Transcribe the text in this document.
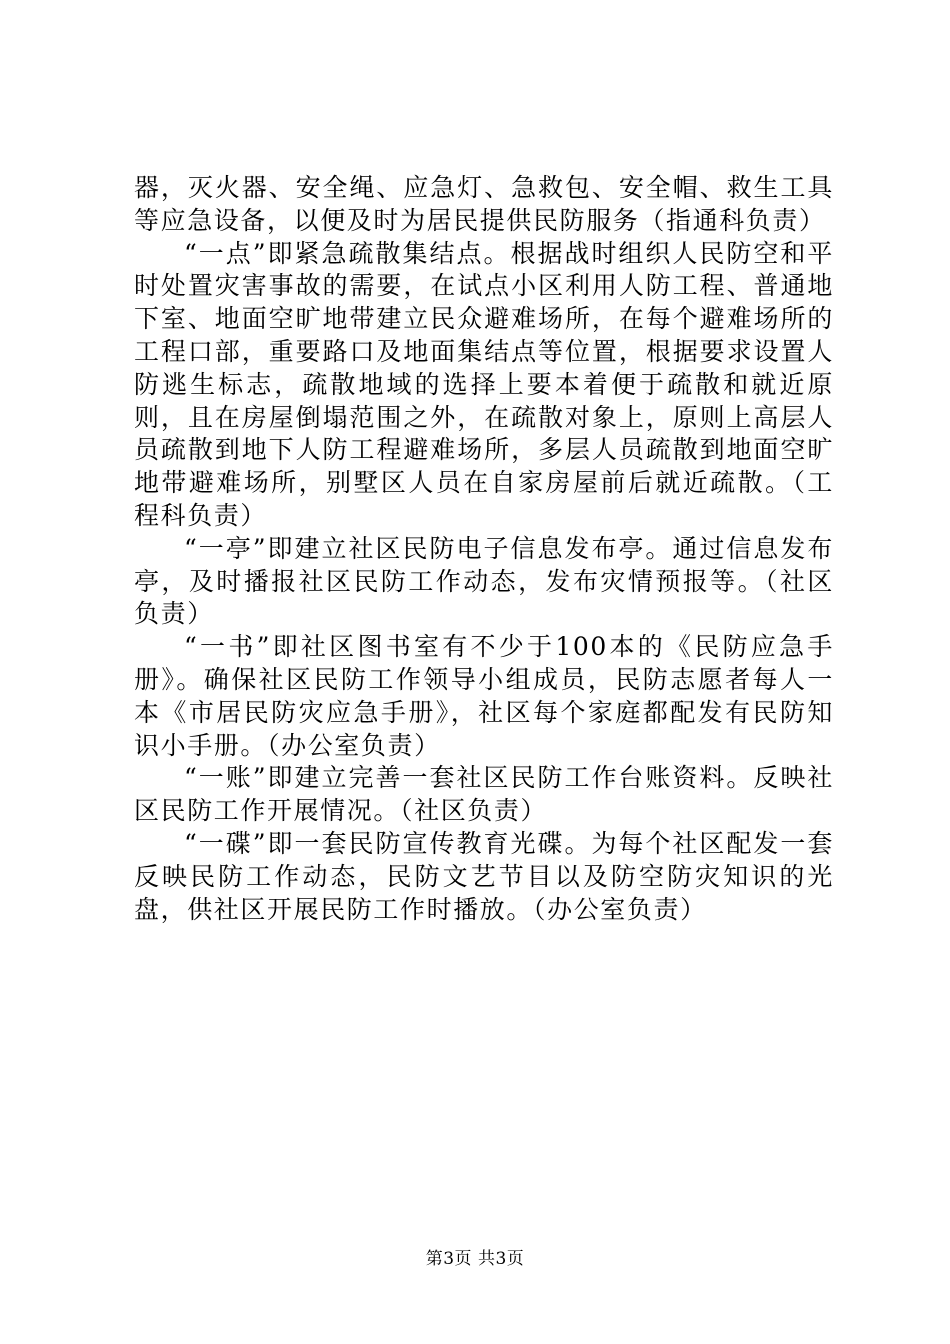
器，灭火器、安全绳、应急灯、急救包、安全帽、救生工具等应急设备，以便及时为居民提供民防服务（指通科负责）

“一点”即紧急疏散集结点。根据战时组织人民防空和平时处置灾害事故的需要，在试点小区利用人防工程、普通地下室、地面空旷地带建立民众避难场所，在每个避难场所的工程口部，重要路口及地面集结点等位置，根据要求设置人防逃生标志，疏散地域的选择上要本着便于疏散和就近原则，且在房屋倒塌范围之外，在疏散对象上，原则上高层人员疏散到地下人防工程避难场所，多层人员疏散到地面空旷地带避难场所，别墅区人员在自家房屋前后就近疏散。（工程科负责）

“一亭”即建立社区民防电子信息发布亭。通过信息发布亭，及时播报社区民防工作动态，发布灾情预报等。（社区负责）

“一书”即社区图书室有不少于100本的《民防应急手册》。确保社区民防工作领导小组成员，民防志愿者每人一本《市居民防灾应急手册》，社区每个家庭都配发有民防知识小手册。（办公室负责）

“一账”即建立完善一套社区民防工作台账资料。反映社区民防工作开展情况。（社区负责）

“一碟”即一套民防宣传教育光碟。为每个社区配发一套反映民防工作动态，民防文艺节目以及防空防灾知识的光盘，供社区开展民防工作时播放。（办公室负责）

第3页 共3页
